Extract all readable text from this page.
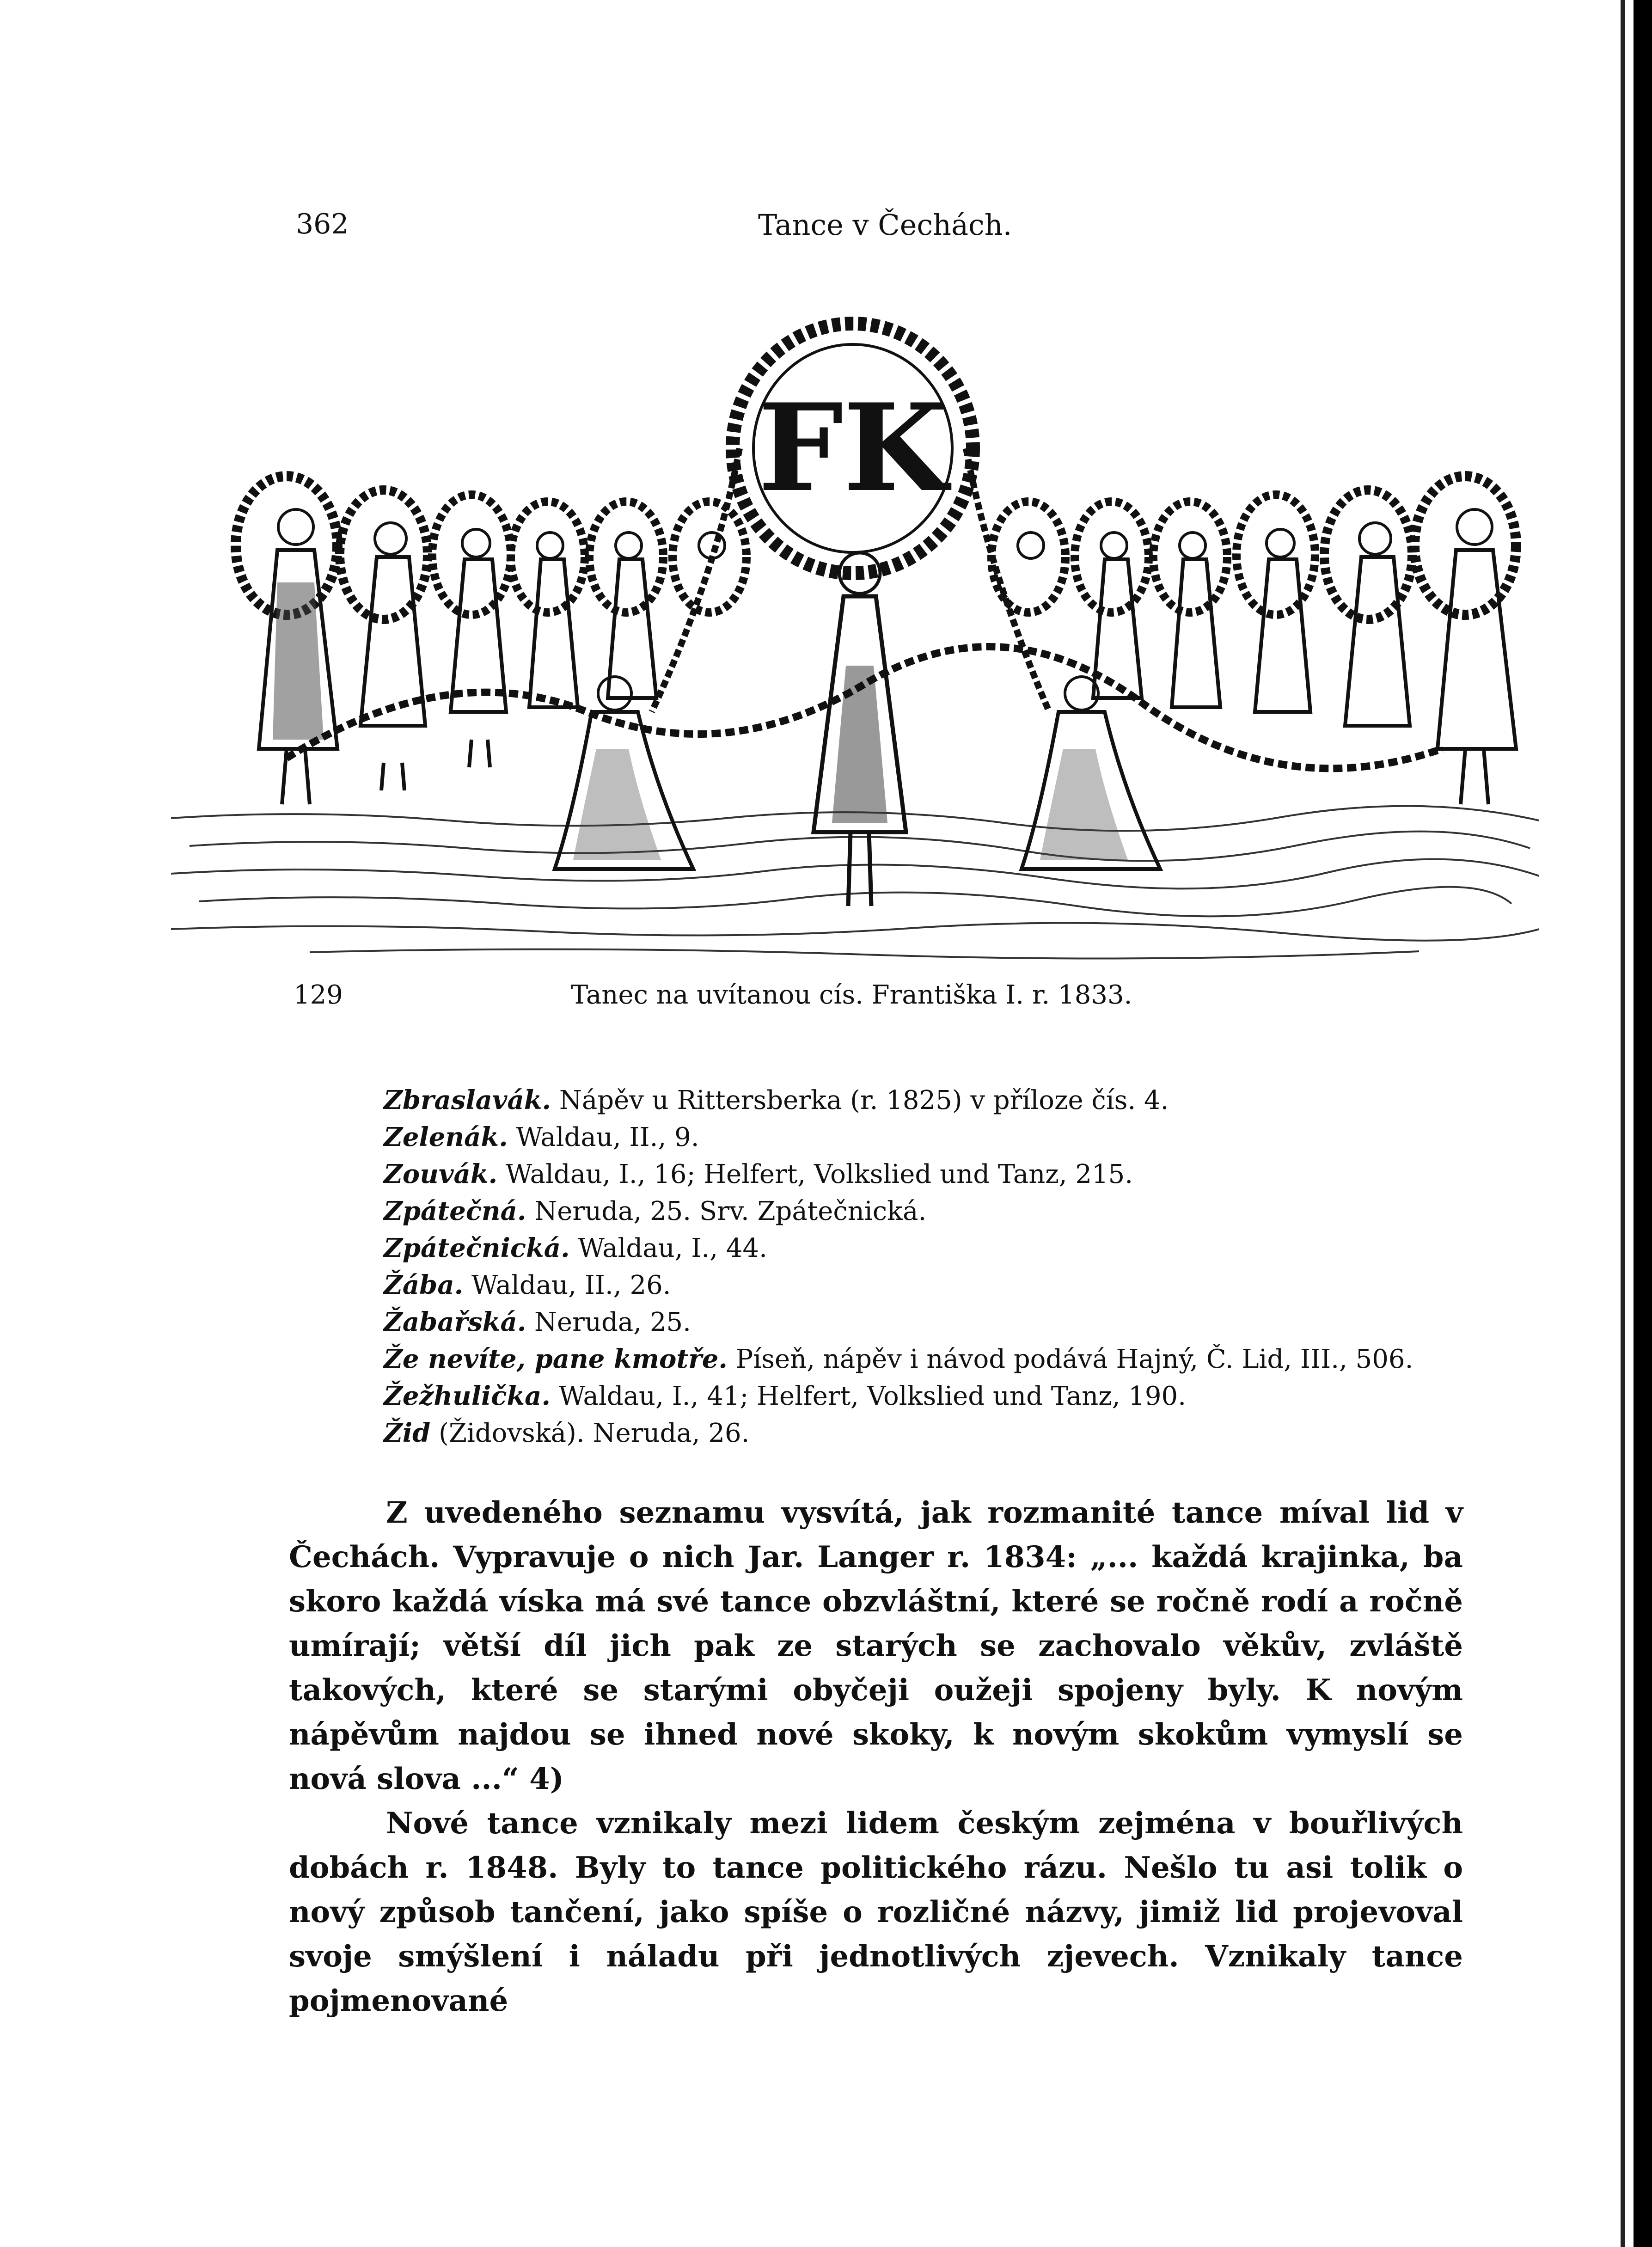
362	Tance v Čechách.
FK
129	Tanec na uvítanou cís. Františka I. r. 1833.
Zbraslavák. Nápěv u Rittersberka (r. 1825) v příloze čís. 4.
Zelenák. Waldau, II., 9.
Zouvák. Waldau, I., 16; Helfert, Volkslied und Tanz, 215.
Zpátečná. Neruda, 25. Srv. Zpátečnická.
Zpátečnická. Waldau, I., 44.
Žába. Waldau, II., 26.
Žabařská. Neruda, 25.
Že nevíte, pane kmotře. Píseň, nápěv i návod podává Hajný, Č. Lid, III., 506.
Žežhulička. Waldau, I., 41; Helfert, Volkslied und Tanz, 190.
Žid (Židovská). Neruda, 26.

Z uvedeného seznamu vysvítá, jak rozmanité tance míval lid v Čechách. Vypravuje o nich Jar. Langer r. 1834: „... každá krajinka, ba skoro každá víska má své tance obzvláštní, které se ročně rodí a ročně umírají; větší díl jich pak ze starých se zachovalo věkův, zvláště takových, které se starými obyčeji oužeji spojeny byly. K novým nápěvům najdou se ihned nové skoky, k novým skokům vymyslí se nová slova ...“ 4)

Nové tance vznikaly mezi lidem českým zejména v bouřlivých dobách r. 1848. Byly to tance politického rázu. Nešlo tu asi tolik o nový způsob tančení, jako spíše o rozličné názvy, jimiž lid projevoval svoje smýšlení i náladu při jednotlivých zjevech. Vznikaly tance pojmenované
